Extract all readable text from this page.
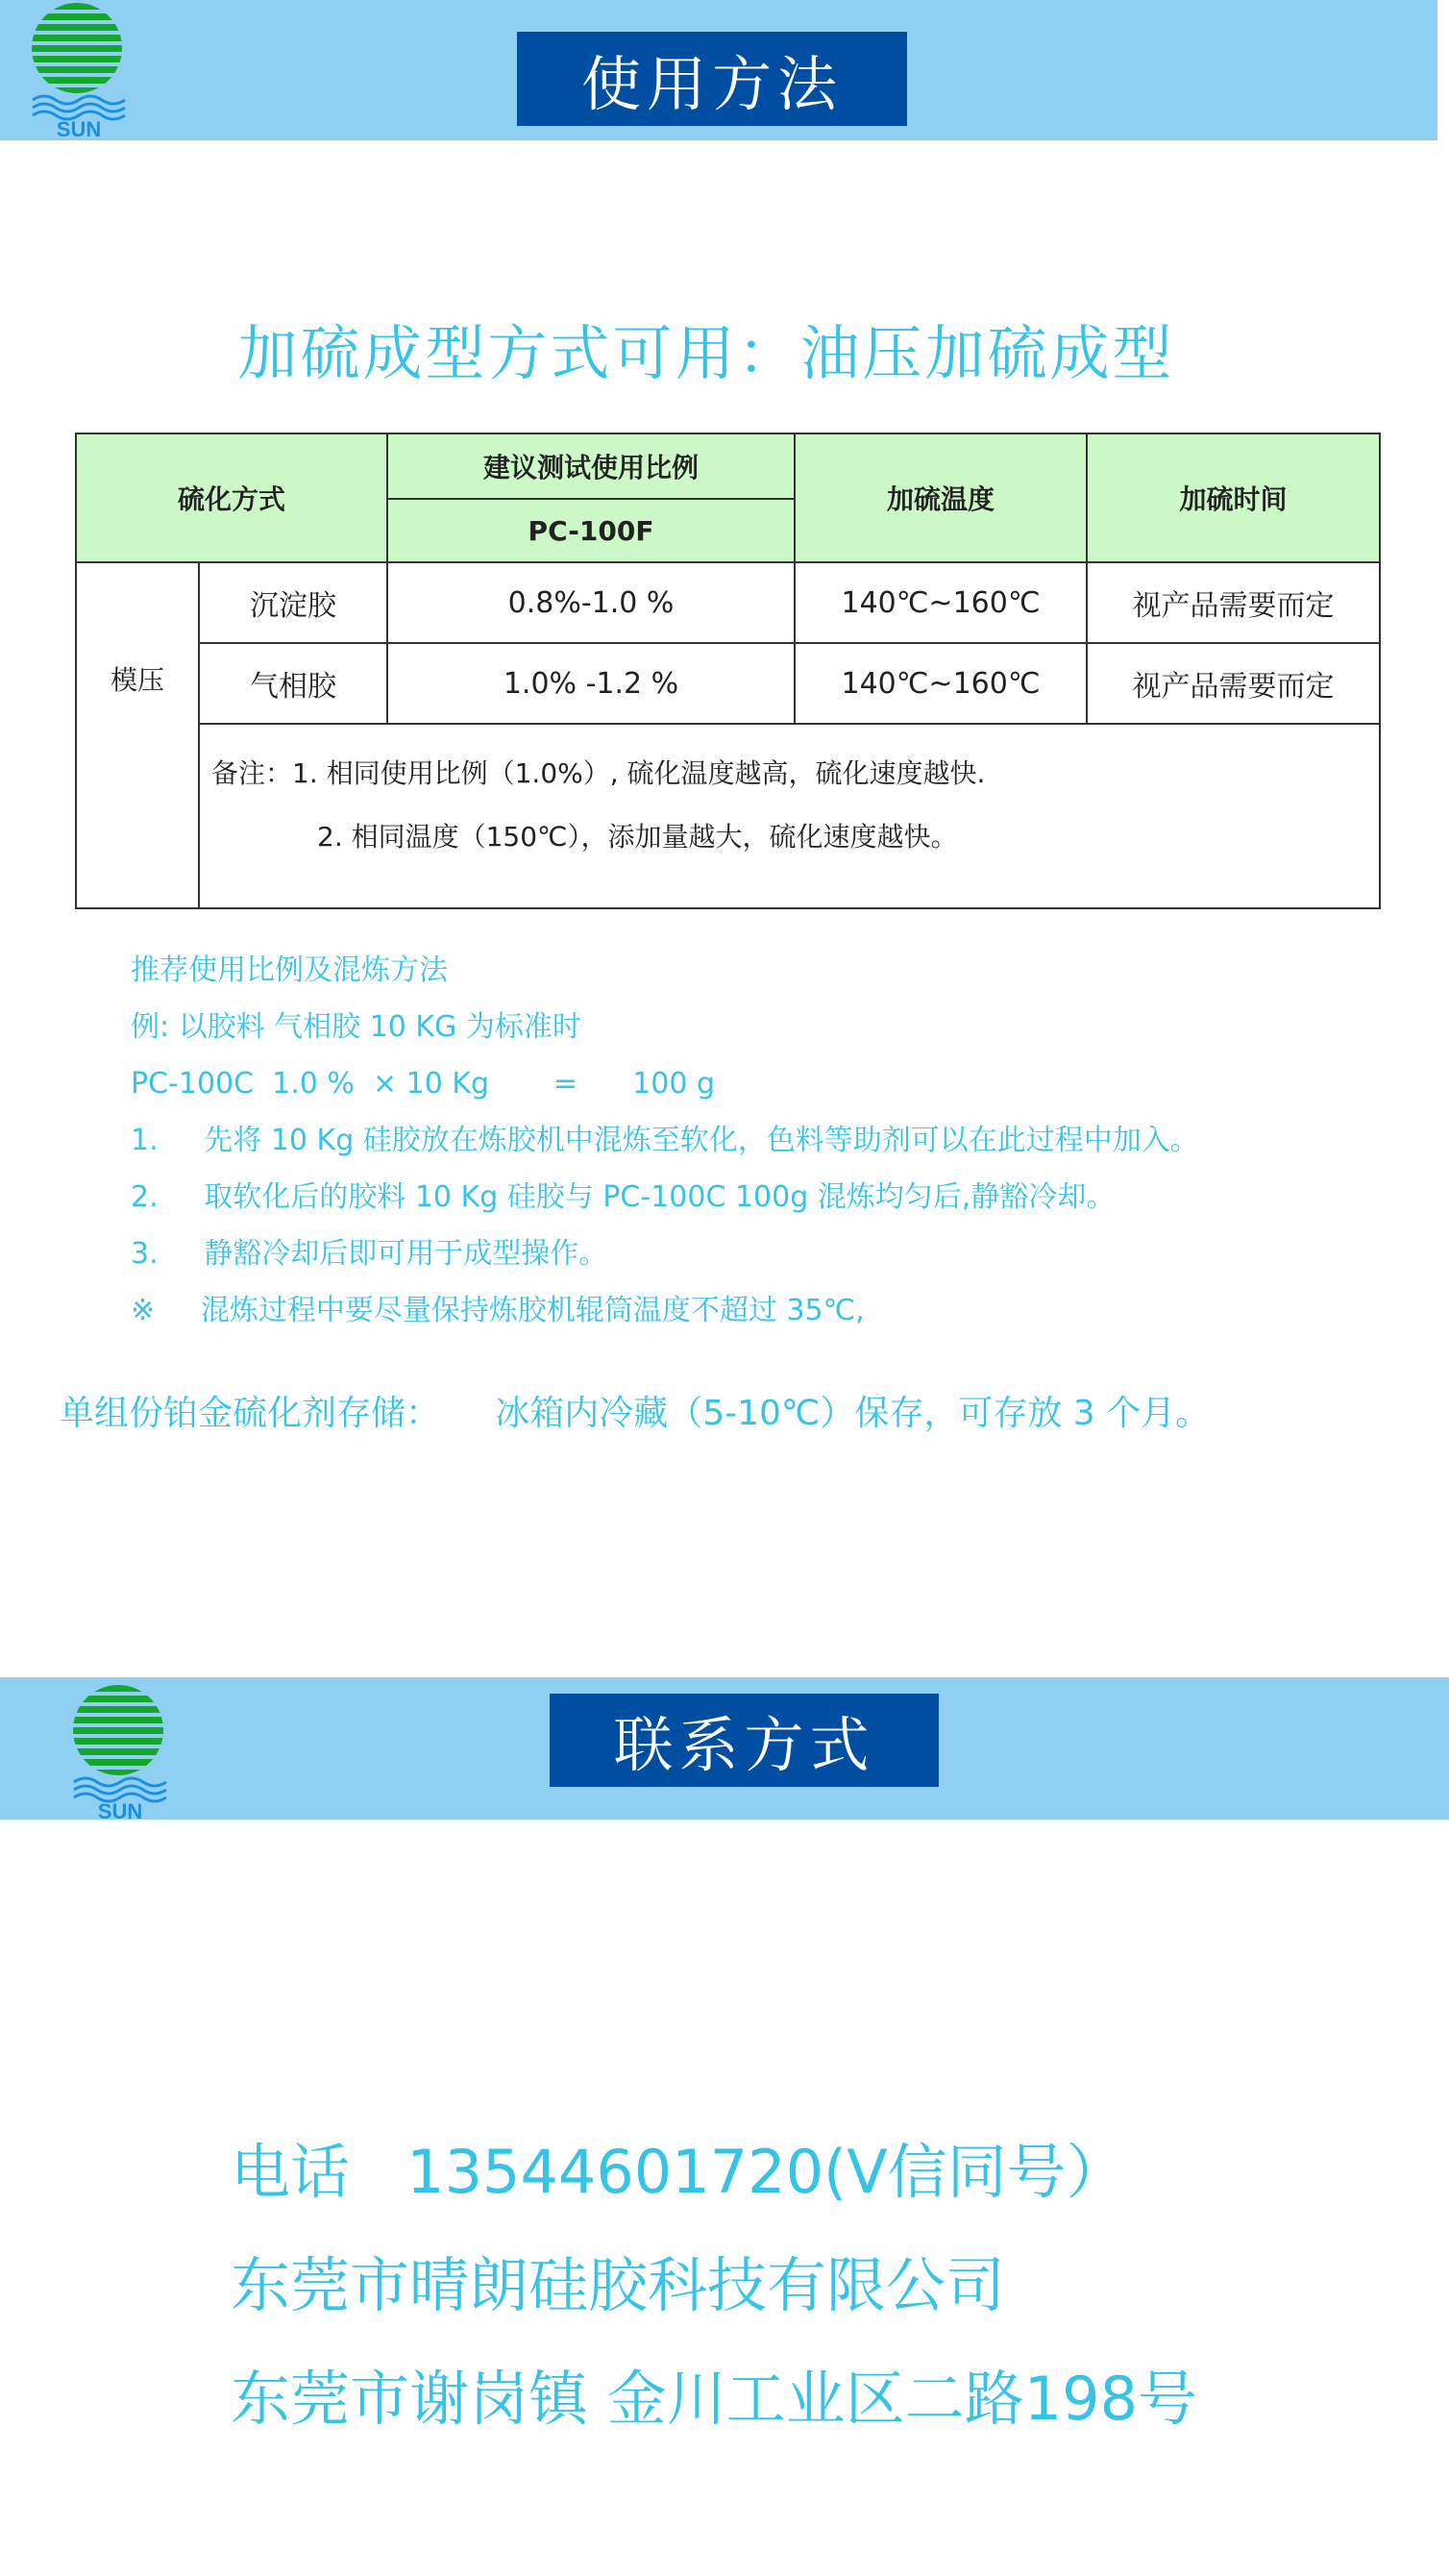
SUN
使用方法
加硫成型方式可用：油压加硫成型
硫化方式		建议测试使用比例	加硫温度	加硫时间
		PC-100F		
模压	沉淀胶	0.8%-1.0 %	140℃~160℃	视产品需要而定
	气相胶	1.0% -1.2 %	140℃~160℃	视产品需要而定

	备注：1. 相同使用比例（1.0%）, 硫化温度越高，硫化速度越快.
2. 相同温度（150℃），添加量越大，硫化速度越快。			
推荐使用比例及混炼方法
例: 以胶料 气相胶 10 KG 为标准时
PC-100C  1.0 %  × 10 Kg       =      100 g
1.     先将 10 Kg 硅胶放在炼胶机中混炼至软化，色料等助剂可以在此过程中加入。
2.     取软化后的胶料 10 Kg 硅胶与 PC-100C 100g 混炼均匀后,静豁冷却。
3.     静豁冷却后即可用于成型操作。
※     混炼过程中要尽量保持炼胶机辊筒温度不超过 35℃,
单组份铂金硫化剂存储：     冰箱内冷藏（5-10℃）保存，可存放 3 个月。
SUN
联系方式
电话   13544601720(V信同号）
东莞市晴朗硅胶科技有限公司
东莞市谢岗镇 金川工业区二路198号
